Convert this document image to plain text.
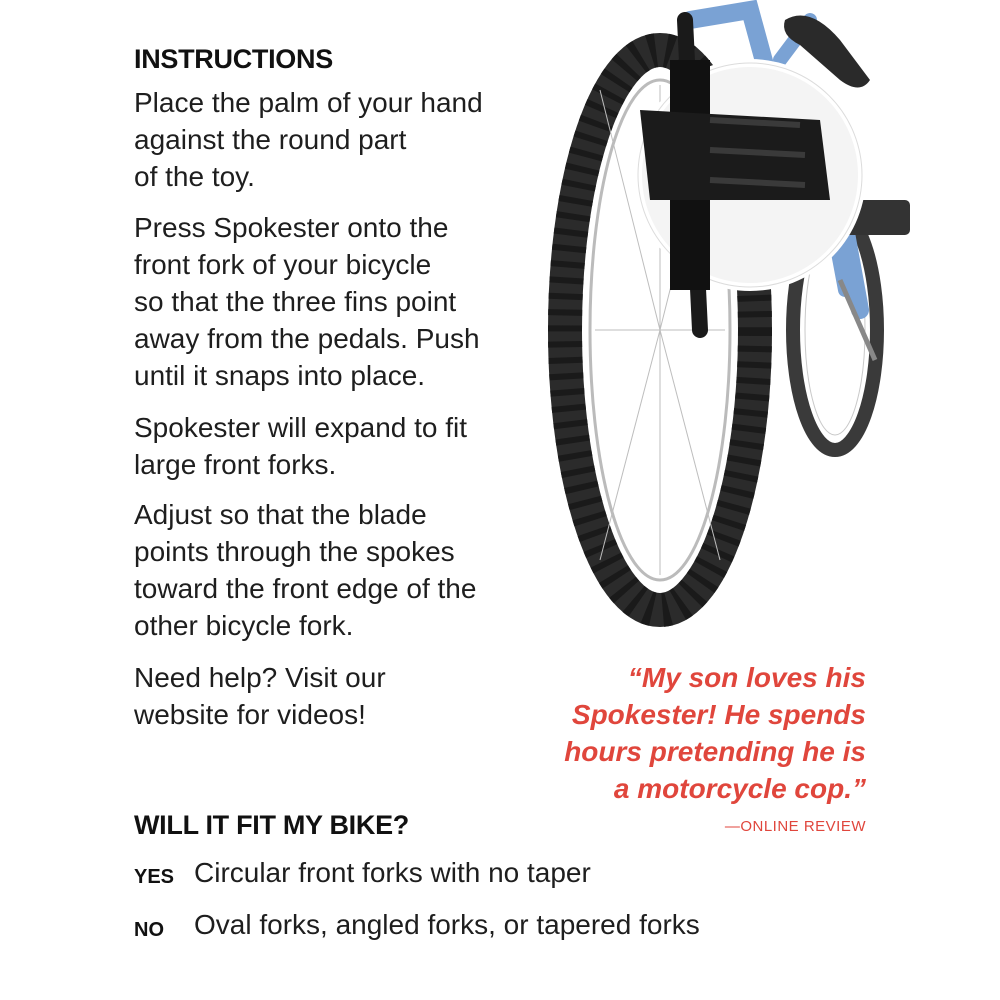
INSTRUCTIONS
Place the palm of your hand
against the round part
of the toy.
Press Spokester onto the
front fork of your bicycle
so that the three fins point
away from the pedals. Push
until it snaps into place.
Spokester will expand to fit
large front forks.
Adjust so that the blade
points through the spokes
toward the front edge of the
other bicycle fork.
Need help? Visit our
website for videos!
“My son loves his
Spokester! He spends
hours pretending he is
a motorcycle cop.”
—ONLINE REVIEW
WILL IT FIT MY BIKE?
YES Circular front forks with no taper
NO Oval forks, angled forks, or tapered forks
